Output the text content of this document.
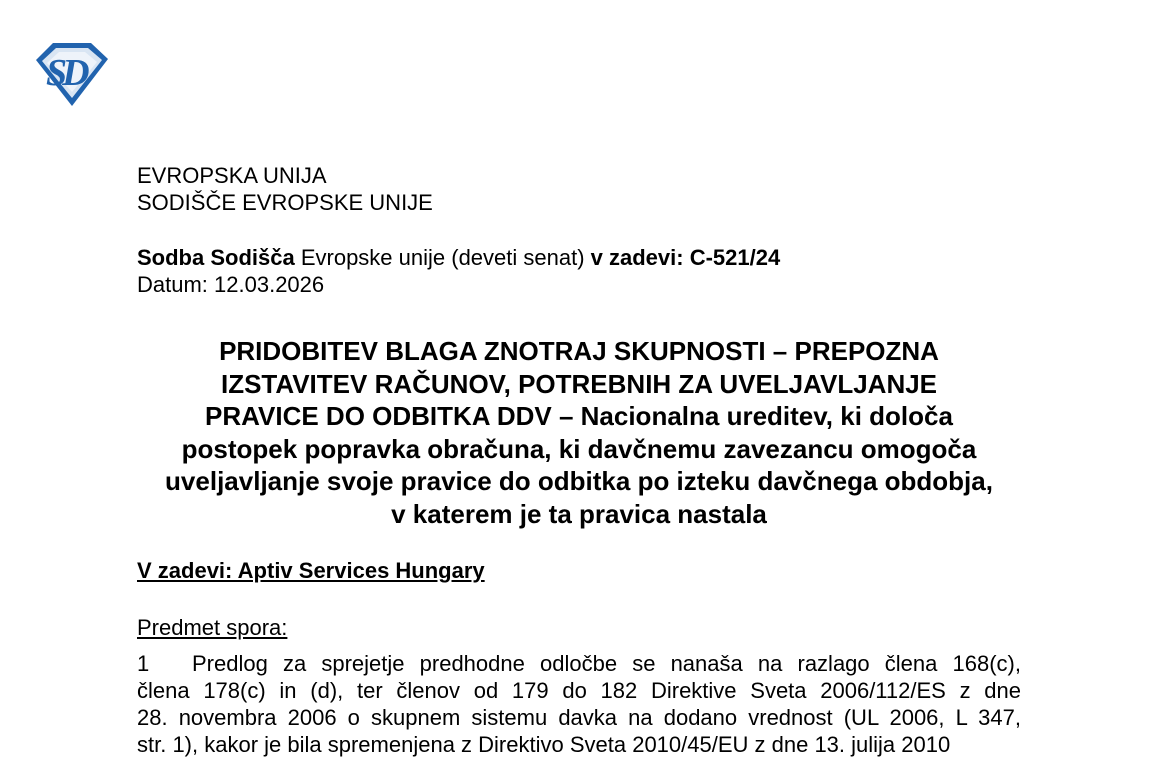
SD
EVROPSKA UNIJA
SODIŠČE EVROPSKE UNIJE
Sodba Sodišča Evropske unije (deveti senat) v zadevi: C-521/24
Datum: 12.03.2026
PRIDOBITEV BLAGA ZNOTRAJ SKUPNOSTI – PREPOZNA
IZSTAVITEV RAČUNOV, POTREBNIH ZA UVELJAVLJANJE
PRAVICE DO ODBITKA DDV – Nacionalna ureditev, ki določa
postopek popravka obračuna, ki davčnemu zavezancu omogoča
uveljavljanje svoje pravice do odbitka po izteku davčnega obdobja,
v katerem je ta pravica nastala
V zadevi: Aptiv Services Hungary
Predmet spora:
1	Predlog za sprejetje predhodne odločbe se nanaša na razlago člena 168(c),
člena 178(c) in (d), ter členov od 179 do 182 Direktive Sveta 2006/112/ES z dne
28. novembra 2006 o skupnem sistemu davka na dodano vrednost (UL 2006, L 347,
str. 1), kakor je bila spremenjena z Direktivo Sveta 2010/45/EU z dne 13. julija 2010
